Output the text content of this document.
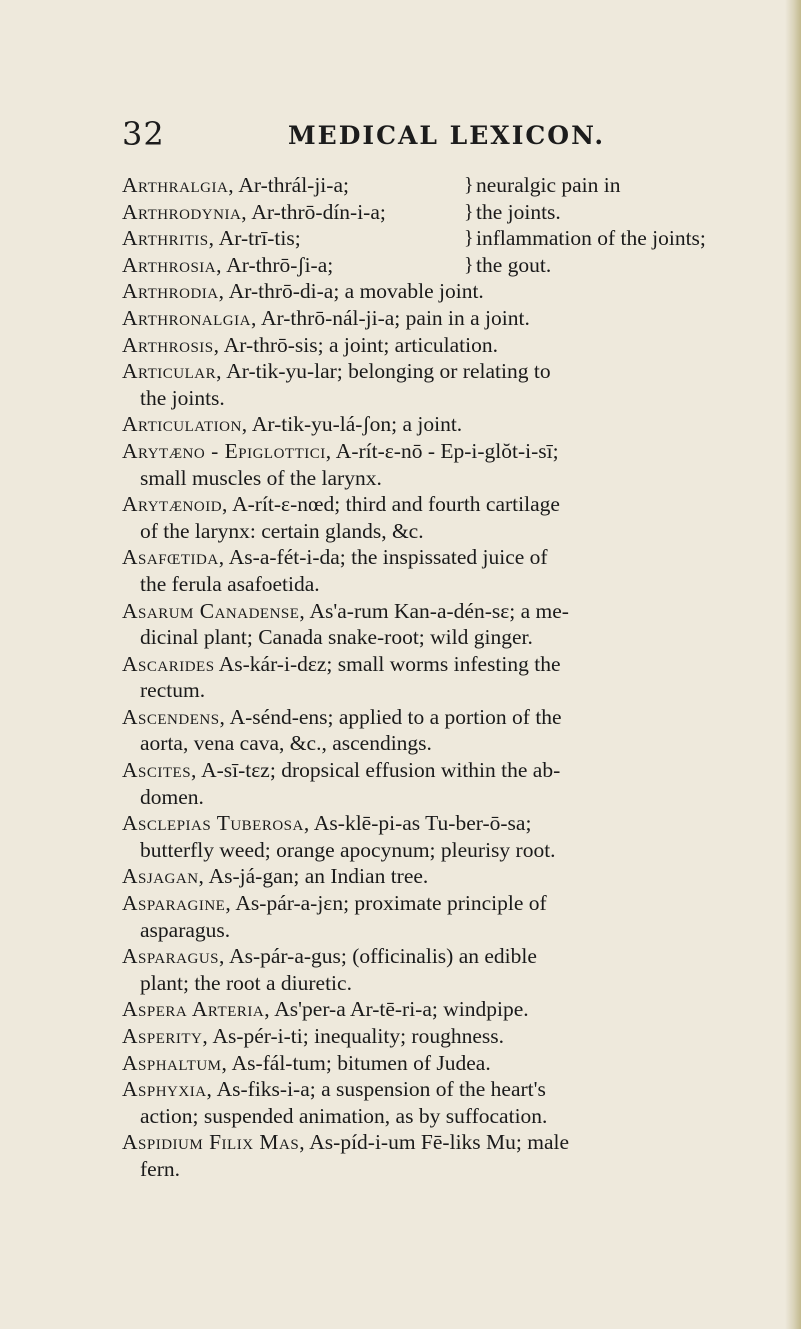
32	MEDICAL LEXICON.
Arthralgia, Ar-thrál-ji-a;	} neuralgic pain in
Arthrodynia, Ar-thrō-dín-i-a;	} the joints.
Arthritis, Ar-trī-tis;	} inflammation of the joints;
Arthrosia, Ar-thrō-ʃi-a;	} the gout.
Arthrodia, Ar-thrō-di-a; a movable joint.
Arthronalgia, Ar-thrō-nál-ji-a; pain in a joint.
Arthrosis, Ar-thrō-sis; a joint; articulation.
Articular, Ar-tik-yu-lar; belonging or relating to
the joints.
Articulation, Ar-tik-yu-lá-ʃon; a joint.
Arytæno - Epiglottici, A-rít-ε-nō - Ep-i-glŏt-i-sī;
small muscles of the larynx.
Arytænoid, A-rít-ε-nœd; third and fourth cartilage
of the larynx: certain glands, &c.
Asafœtida, As-a-fét-i-da; the inspissated juice of
the ferula asafoetida.
Asarum Canadense, As'a-rum Kan-a-dén-sε; a me-
dicinal plant; Canada snake-root; wild ginger.
Ascarides As-kár-i-dεz; small worms infesting the
rectum.
Ascendens, A-sénd-ens; applied to a portion of the
aorta, vena cava, &c., ascendings.
Ascites, A-sī-tεz; dropsical effusion within the ab-
domen.
Asclepias Tuberosa, As-klē-pi-as Tu-ber-ō-sa;
butterfly weed; orange apocynum; pleurisy root.
Asjagan, As-já-gan; an Indian tree.
Asparagine, As-pár-a-jεn; proximate principle of
asparagus.
Asparagus, As-pár-a-gus; (officinalis) an edible
plant; the root a diuretic.
Aspera Arteria, As'per-a Ar-tē-ri-a; windpipe.
Asperity, As-pér-i-ti; inequality; roughness.
Asphaltum, As-fál-tum; bitumen of Judea.
Asphyxia, As-fiks-i-a; a suspension of the heart's
action; suspended animation, as by suffocation.
Aspidium Filix Mas, As-píd-i-um Fē-liks Mu; male
fern.
